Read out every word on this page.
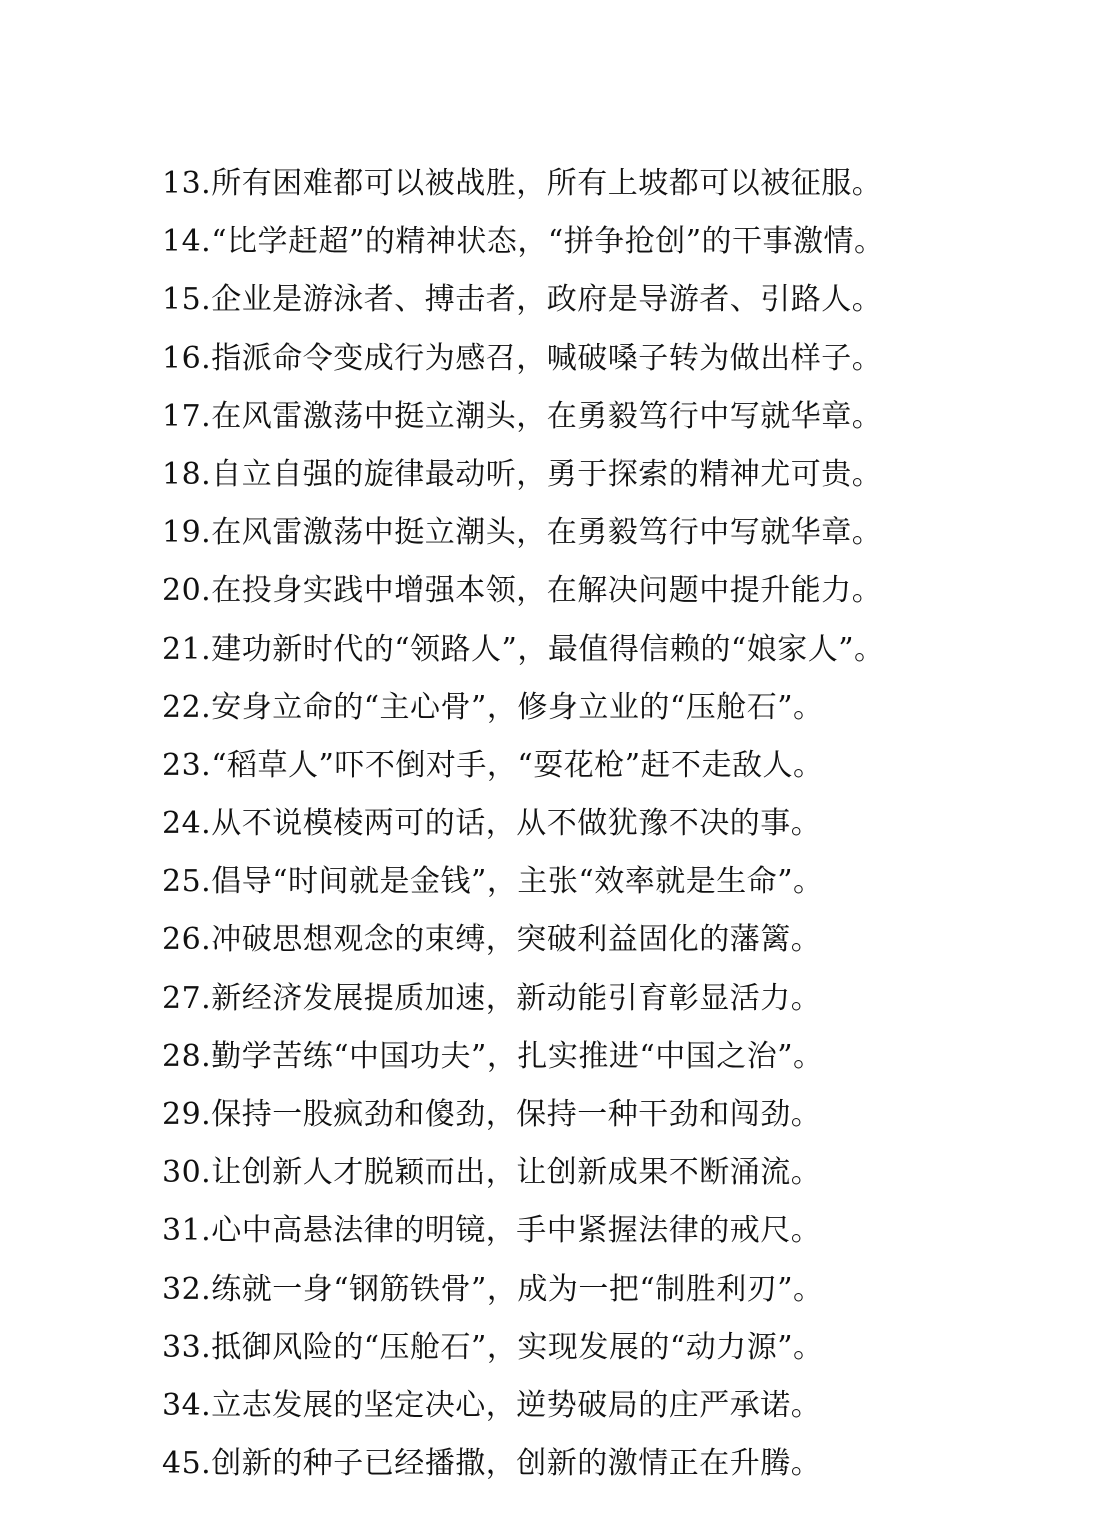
13.所有困难都可以被战胜，所有上坡都可以被征服。
14.“比学赶超”的精神状态，“拼争抢创”的干事激情。
15.企业是游泳者、搏击者，政府是导游者、引路人。
16.指派命令变成行为感召，喊破嗓子转为做出样子。
17.在风雷激荡中挺立潮头，在勇毅笃行中写就华章。
18.自立自强的旋律最动听，勇于探索的精神尤可贵。
19.在风雷激荡中挺立潮头，在勇毅笃行中写就华章。
20.在投身实践中增强本领，在解决问题中提升能力。
21.建功新时代的“领路人”，最值得信赖的“娘家人”。
22.安身立命的“主心骨”，修身立业的“压舱石”。
23.“稻草人”吓不倒对手，“耍花枪”赶不走敌人。
24.从不说模棱两可的话，从不做犹豫不决的事。
25.倡导“时间就是金钱”，主张“效率就是生命”。
26.冲破思想观念的束缚，突破利益固化的藩篱。
27.新经济发展提质加速，新动能引育彰显活力。
28.勤学苦练“中国功夫”，扎实推进“中国之治”。
29.保持一股疯劲和傻劲，保持一种干劲和闯劲。
30.让创新人才脱颖而出，让创新成果不断涌流。
31.心中高悬法律的明镜，手中紧握法律的戒尺。
32.练就一身“钢筋铁骨”，成为一把“制胜利刃”。
33.抵御风险的“压舱石”，实现发展的“动力源”。
34.立志发展的坚定决心，逆势破局的庄严承诺。
45.创新的种子已经播撒，创新的激情正在升腾。
